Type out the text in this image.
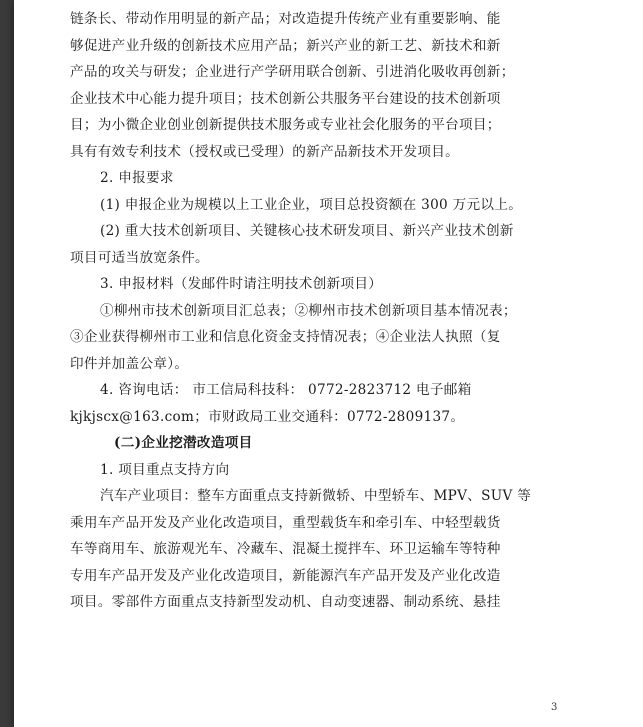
链条长、带动作用明显的新产品；对改造提升传统产业有重要影响、能
够促进产业升级的创新技术应用产品；新兴产业的新工艺、新技术和新
产品的攻关与研发；企业进行产学研用联合创新、引进消化吸收再创新；
企业技术中心能力提升项目；技术创新公共服务平台建设的技术创新项
目；为小微企业创业创新提供技术服务或专业社会化服务的平台项目；
具有有效专利技术（授权或已受理）的新产品新技术开发项目。
2. 申报要求
(1) 申报企业为规模以上工业企业，项目总投资额在 300 万元以上。
(2) 重大技术创新项目、关键核心技术研发项目、新兴产业技术创新
项目可适当放宽条件。
3. 申报材料（发邮件时请注明技术创新项目）
①柳州市技术创新项目汇总表；②柳州市技术创新项目基本情况表；
③企业获得柳州市工业和信息化资金支持情况表；④企业法人执照（复
印件并加盖公章）。
4. 咨询电话： 市工信局科技科： 0772-2823712 电子邮箱
kjkjscx@163.com；市财政局工业交通科：0772-2809137。
(二)企业挖潜改造项目
1. 项目重点支持方向
汽车产业项目：整车方面重点支持新微轿、中型轿车、MPV、SUV 等
乘用车产品开发及产业化改造项目，重型载货车和牵引车、中轻型载货
车等商用车、旅游观光车、冷藏车、混凝土搅拌车、环卫运输车等特种
专用车产品开发及产业化改造项目，新能源汽车产品开发及产业化改造
项目。零部件方面重点支持新型发动机、自动变速器、制动系统、悬挂
3
